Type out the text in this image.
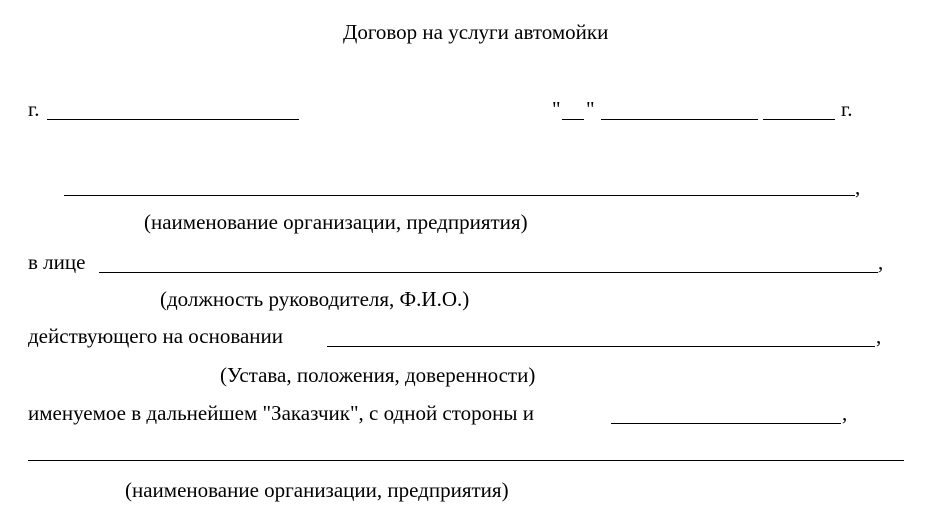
Договор на услуги автомойки
г.	" "	г.
,
(наименование организации, предприятия)
в лице	,
(должность руководителя, Ф.И.О.)
действующего на основании	,
(Устава, положения, доверенности)
именуемое в дальнейшем "Заказчик", с одной стороны и	,
(наименование организации, предприятия)
